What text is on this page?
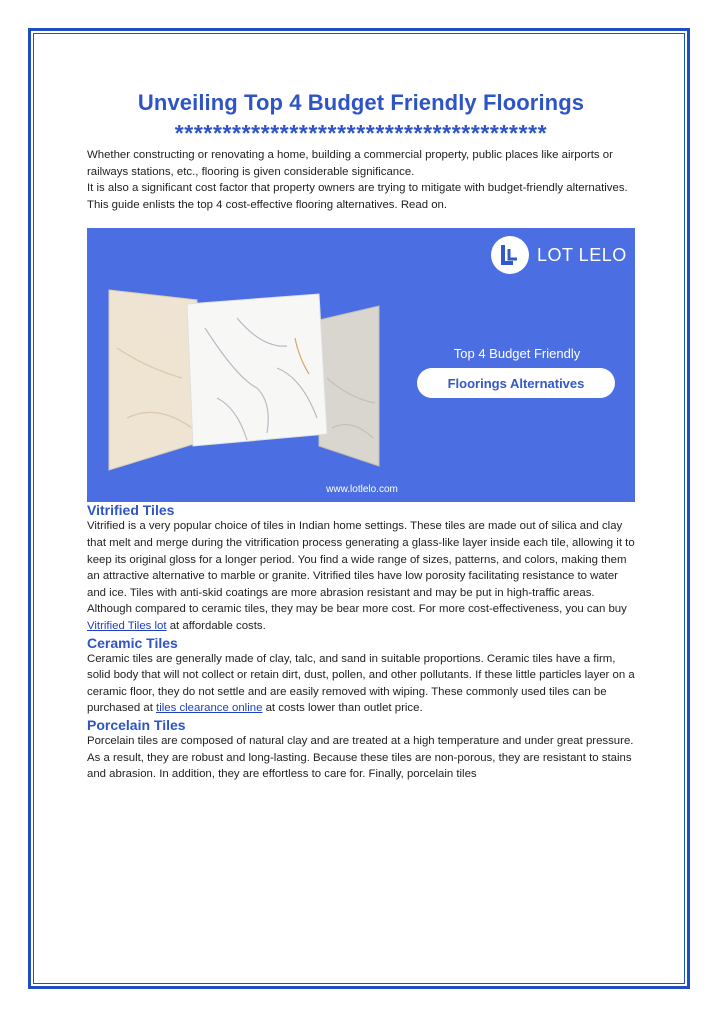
Unveiling Top 4 Budget Friendly Floorings
***************************************

Whether constructing or renovating a home, building a commercial property, public places like airports or railways stations, etc., flooring is given considerable significance.

It is also a significant cost factor that property owners are trying to mitigate with budget-friendly alternatives. This guide enlists the top 4 cost-effective flooring alternatives. Read on.

LOT LELO
Top 4 Budget Friendly
Floorings Alternatives
www.lotlelo.com
Vitrified Tiles

Vitrified is a very popular choice of tiles in Indian home settings. These tiles are made out of silica and clay that melt and merge during the vitrification process generating a glass-like layer inside each tile, allowing it to keep its original gloss for a longer period. You find a wide range of sizes, patterns, and colors, making them an attractive alternative to marble or granite. Vitrified tiles have low porosity facilitating resistance to water and ice. Tiles with anti-skid coatings are more abrasion resistant and may be put in high-traffic areas. Although compared to ceramic tiles, they may be bear more cost. For more cost-effectiveness, you can buy Vitrified Tiles lot at affordable costs.

Ceramic Tiles

Ceramic tiles are generally made of clay, talc, and sand in suitable proportions. Ceramic tiles have a firm, solid body that will not collect or retain dirt, dust, pollen, and other pollutants. If these little particles layer on a ceramic floor, they do not settle and are easily removed with wiping. These commonly used tiles can be purchased at tiles clearance online at costs lower than outlet price.

Porcelain Tiles

Porcelain tiles are composed of natural clay and are treated at a high temperature and under great pressure. As a result, they are robust and long-lasting. Because these tiles are non-porous, they are resistant to stains and abrasion. In addition, they are effortless to care for. Finally, porcelain tiles
